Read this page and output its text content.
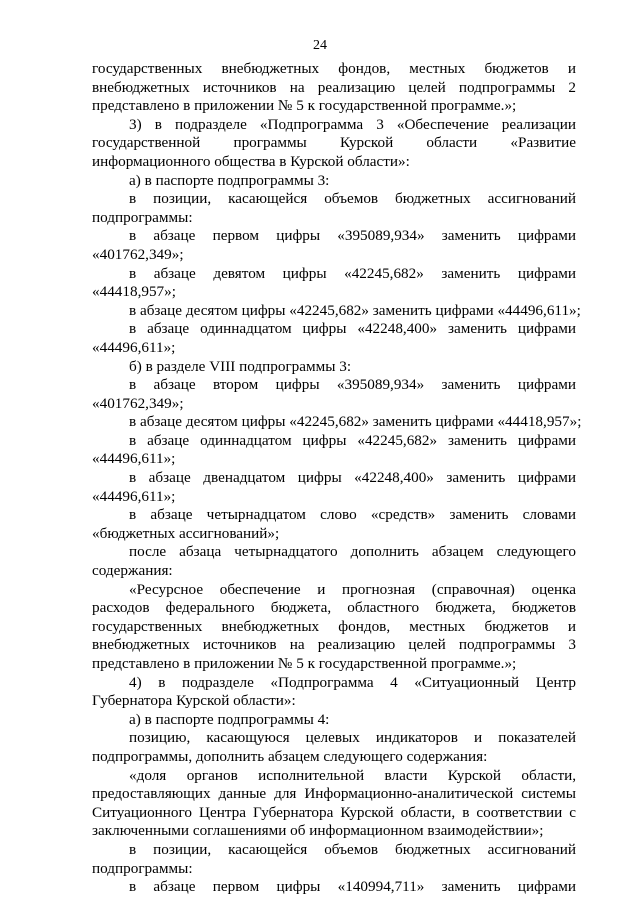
24
государственных внебюджетных фондов, местных бюджетов и
внебюджетных источников на реализацию целей подпрограммы 2
представлено в приложении № 5 к государственной программе.»;
3) в подразделе «Подпрограмма 3 «Обеспечение реализации
государственной программы Курской области «Развитие
информационного общества в Курской области»:
а) в паспорте подпрограммы 3:
в позиции, касающейся объемов бюджетных ассигнований
подпрограммы:
в абзаце первом цифры «395089,934» заменить цифрами
«401762,349»;
в абзаце девятом цифры «42245,682» заменить цифрами
«44418,957»;
в абзаце десятом цифры «42245,682» заменить цифрами «44496,611»;
в абзаце одиннадцатом цифры «42248,400» заменить цифрами
«44496,611»;
б) в разделе VIII подпрограммы 3:
в абзаце втором цифры «395089,934» заменить цифрами
«401762,349»;
в абзаце десятом цифры «42245,682» заменить цифрами «44418,957»;
в абзаце одиннадцатом цифры «42245,682» заменить цифрами
«44496,611»;
в абзаце двенадцатом цифры «42248,400» заменить цифрами
«44496,611»;
в абзаце четырнадцатом слово «средств» заменить словами
«бюджетных ассигнований»;
после абзаца четырнадцатого дополнить абзацем следующего
содержания:
«Ресурсное обеспечение и прогнозная (справочная) оценка
расходов федерального бюджета, областного бюджета, бюджетов
государственных внебюджетных фондов, местных бюджетов и
внебюджетных источников на реализацию целей подпрограммы 3
представлено в приложении № 5 к государственной программе.»;
4) в подразделе «Подпрограмма 4 «Ситуационный Центр
Губернатора Курской области»:
а) в паспорте подпрограммы 4:
позицию, касающуюся целевых индикаторов и показателей
подпрограммы, дополнить абзацем следующего содержания:
«доля органов исполнительной власти Курской области,
предоставляющих данные для Информационно-аналитической системы
Ситуационного Центра Губернатора Курской области, в соответствии с
заключенными соглашениями об информационном взаимодействии»;
в позиции, касающейся объемов бюджетных ассигнований
подпрограммы:
в абзаце первом цифры «140994,711» заменить цифрами
